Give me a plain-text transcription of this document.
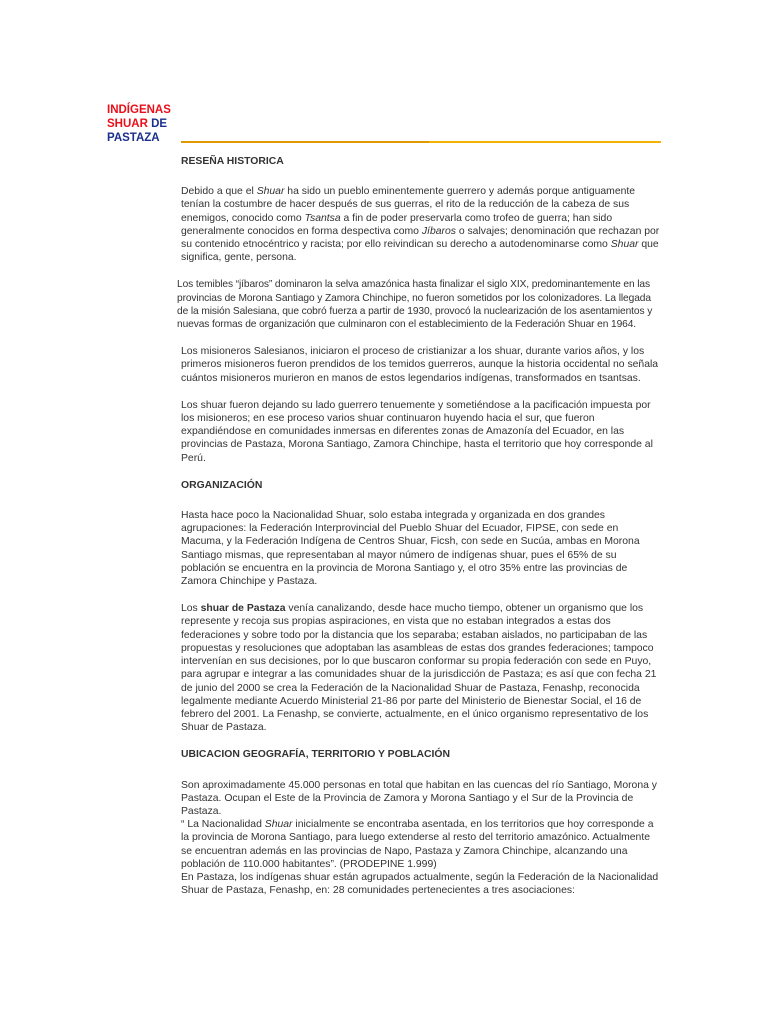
INDÍGENAS
SHUAR DE
PASTAZA
RESEÑA HISTORICA

Debido a que el Shuar ha sido un pueblo eminentemente guerrero y además porque antiguamente tenían la costumbre de hacer después de sus guerras, el rito de la reducción de la cabeza de sus enemigos, conocido como Tsantsa a fin de poder preservarla como trofeo de guerra; han sido generalmente conocidos en forma despectiva como Jíbaros o salvajes; denominación que rechazan por su contenido etnocéntrico y racista; por ello reivindican su derecho a autodenominarse como Shuar que significa, gente, persona.

Los temibles “jíbaros” dominaron la selva amazónica hasta finalizar el siglo XIX, predominantemente en las provincias de Morona Santiago y Zamora Chinchipe, no fueron sometidos por los colonizadores. La llegada de la misión Salesiana, que cobró fuerza a partir de 1930, provocó la nuclearización de los asentamientos y nuevas formas de organización que culminaron con el establecimiento de la Federación Shuar en 1964.

Los misioneros Salesianos, iniciaron el proceso de cristianizar a los shuar, durante varios años, y los primeros misioneros fueron prendidos de los temidos guerreros, aunque la historia occidental no señala cuántos misioneros murieron en manos de estos legendarios indígenas, transformados en tsantsas.

Los shuar fueron dejando su lado guerrero tenuemente y sometiéndose a la pacificación impuesta por los misioneros; en ese proceso varios shuar continuaron huyendo hacia el sur, que fueron expandiéndose en comunidades inmersas en diferentes zonas de Amazonía del Ecuador, en las provincias de Pastaza, Morona Santiago, Zamora Chinchipe, hasta el territorio que hoy corresponde al Perú.

ORGANIZACIÓN

Hasta hace poco la Nacionalidad Shuar, solo estaba integrada y organizada en dos grandes agrupaciones: la Federación Interprovincial del Pueblo Shuar del Ecuador, FIPSE, con sede en Macuma, y la Federación Indígena de Centros Shuar, Ficsh, con sede en Sucúa, ambas en Morona Santiago mismas, que representaban al mayor número de indígenas shuar, pues el 65% de su población se encuentra en la provincia de Morona Santiago y, el otro 35% entre las provincias de Zamora Chinchipe y Pastaza.

Los shuar de Pastaza venía canalizando, desde hace mucho tiempo, obtener un organismo que los represente y recoja sus propias aspiraciones, en vista que no estaban integrados a estas dos federaciones y sobre todo por la distancia que los separaba; estaban aislados, no participaban de las propuestas y resoluciones que adoptaban las asambleas de estas dos grandes federaciones; tampoco intervenían en sus decisiones, por lo que buscaron conformar su propia federación con sede en Puyo, para agrupar e integrar a las comunidades shuar de la jurisdicción de Pastaza; es así que con fecha 21 de junio del 2000 se crea la Federación de la Nacionalidad Shuar de Pastaza, Fenashp, reconocida legalmente mediante Acuerdo Ministerial 21-86 por parte del Ministerio de Bienestar Social, el 16 de febrero del 2001. La Fenashp, se convierte, actualmente, en el único organismo representativo de los Shuar de Pastaza.

UBICACION GEOGRAFÍA, TERRITORIO Y POBLACIÓN

Son aproximadamente 45.000 personas en total que habitan en las cuencas del río Santiago, Morona y Pastaza. Ocupan el Este de la Provincia de Zamora y Morona Santiago y el Sur de la Provincia de Pastaza.

“ La Nacionalidad Shuar inicialmente se encontraba asentada, en los territorios que hoy corresponde a la provincia de Morona Santiago, para luego extenderse al resto del territorio amazónico. Actualmente se encuentran además en las provincias de Napo, Pastaza y Zamora Chinchipe, alcanzando una población de 110.000 habitantes”. (PRODEPINE 1.999)

En Pastaza, los indígenas shuar están agrupados actualmente, según la Federación de la Nacionalidad Shuar de Pastaza, Fenashp, en: 28 comunidades pertenecientes a tres asociaciones:
